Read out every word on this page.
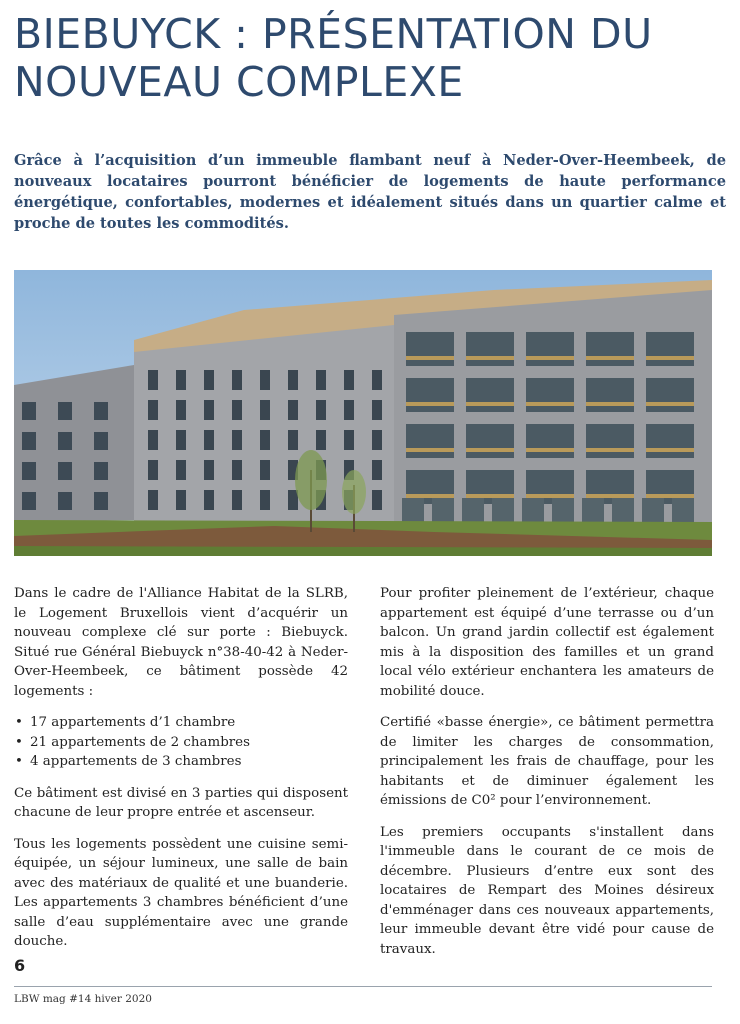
BIEBUYCK : PRÉSENTATION DU NOUVEAU COMPLEXE

Grâce à l’acquisition d’un immeuble flambant neuf à Neder-Over-Heembeek, de nouveaux locataires pourront bénéficier de logements de haute performance énergétique, confortables, modernes et idéalement situés dans un quartier calme et proche de toutes les commodités.

Dans le cadre de l'Alliance Habitat de la SLRB, le Logement Bruxellois vient d’acquérir un nouveau complexe clé sur porte : Biebuyck. Situé rue Général Biebuyck n°38-40-42 à Neder-Over-Heembeek, ce bâtiment possède 42 logements :

• 17 appartements d’1 chambre
• 21 appartements de 2 chambres
• 4 appartements de 3 chambres

Ce bâtiment est divisé en 3 parties qui disposent chacune de leur propre entrée et ascenseur.

Tous les logements possèdent une cuisine semi-équipée, un séjour lumineux, une salle de bain avec des matériaux de qualité et une buanderie. Les appartements 3 chambres bénéficient d’une salle d’eau supplémentaire avec une grande douche.

Pour profiter pleinement de l’extérieur, chaque appartement est équipé d’une terrasse ou d’un balcon. Un grand jardin collectif est également mis à la disposition des familles et un grand local vélo extérieur enchantera les amateurs de mobilité douce.

Certifié «basse énergie», ce bâtiment permettra de limiter les charges de consommation, principalement les frais de chauffage, pour les habitants et de diminuer également les émissions de C0² pour l’environnement.

Les premiers occupants s'installent dans l'immeuble dans le courant de ce mois de décembre. Plusieurs d’entre eux sont des locataires de Rempart des Moines désireux d'emménager dans ces nouveaux appartements, leur immeuble devant être vidé pour cause de travaux.

6
LBW mag #14 hiver 2020
